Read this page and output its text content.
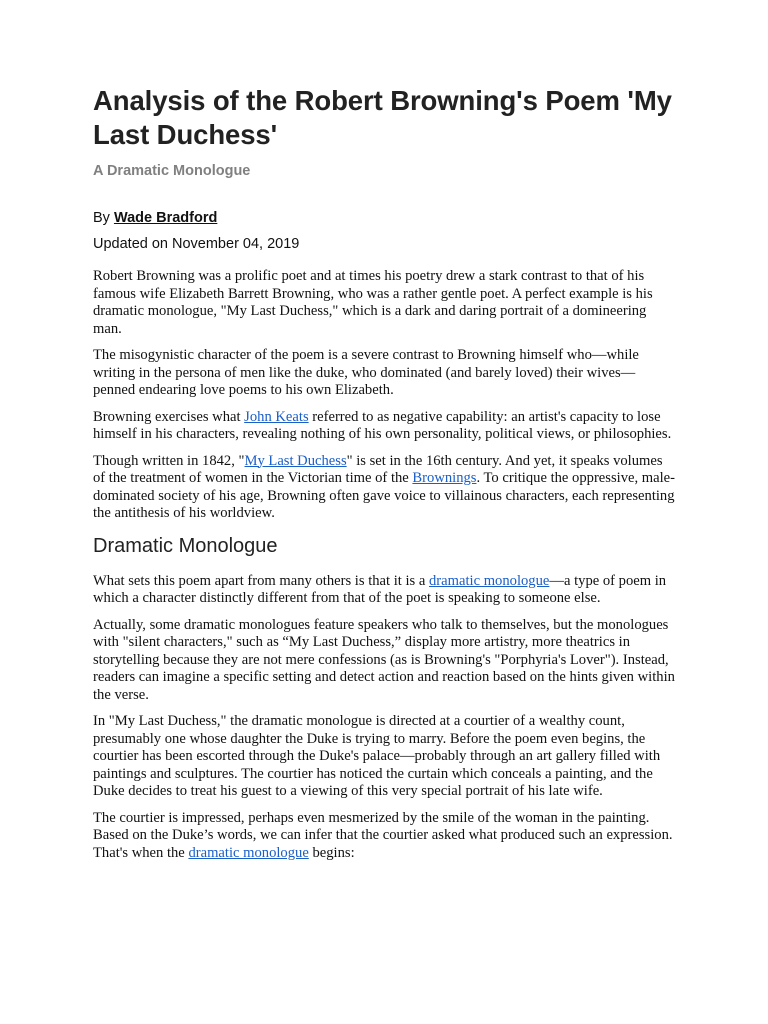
Analysis of the Robert Browning's Poem 'My Last Duchess'
A Dramatic Monologue
By Wade Bradford
Updated on November 04, 2019

Robert Browning was a prolific poet and at times his poetry drew a stark contrast to that of his famous wife Elizabeth Barrett Browning, who was a rather gentle poet. A perfect example is his dramatic monologue, "My Last Duchess," which is a dark and daring portrait of a domineering man.

The misogynistic character of the poem is a severe contrast to Browning himself who—while writing in the persona of men like the duke, who dominated (and barely loved) their wives—penned endearing love poems to his own Elizabeth.

Browning exercises what John Keats referred to as negative capability: an artist's capacity to lose himself in his characters, revealing nothing of his own personality, political views, or philosophies.

Though written in 1842, "My Last Duchess" is set in the 16th century. And yet, it speaks volumes of the treatment of women in the Victorian time of the Brownings. To critique the oppressive, male-dominated society of his age, Browning often gave voice to villainous characters, each representing the antithesis of his worldview.

Dramatic Monologue

What sets this poem apart from many others is that it is a dramatic monologue—a type of poem in which a character distinctly different from that of the poet is speaking to someone else.

Actually, some dramatic monologues feature speakers who talk to themselves, but the monologues with "silent characters," such as “My Last Duchess,” display more artistry, more theatrics in storytelling because they are not mere confessions (as is Browning's "Porphyria's Lover"). Instead, readers can imagine a specific setting and detect action and reaction based on the hints given within the verse.

In "My Last Duchess," the dramatic monologue is directed at a courtier of a wealthy count, presumably one whose daughter the Duke is trying to marry. Before the poem even begins, the courtier has been escorted through the Duke's palace—probably through an art gallery filled with paintings and sculptures. The courtier has noticed the curtain which conceals a painting, and the Duke decides to treat his guest to a viewing of this very special portrait of his late wife.

The courtier is impressed, perhaps even mesmerized by the smile of the woman in the painting. Based on the Duke’s words, we can infer that the courtier asked what produced such an expression. That's when the dramatic monologue begins:
